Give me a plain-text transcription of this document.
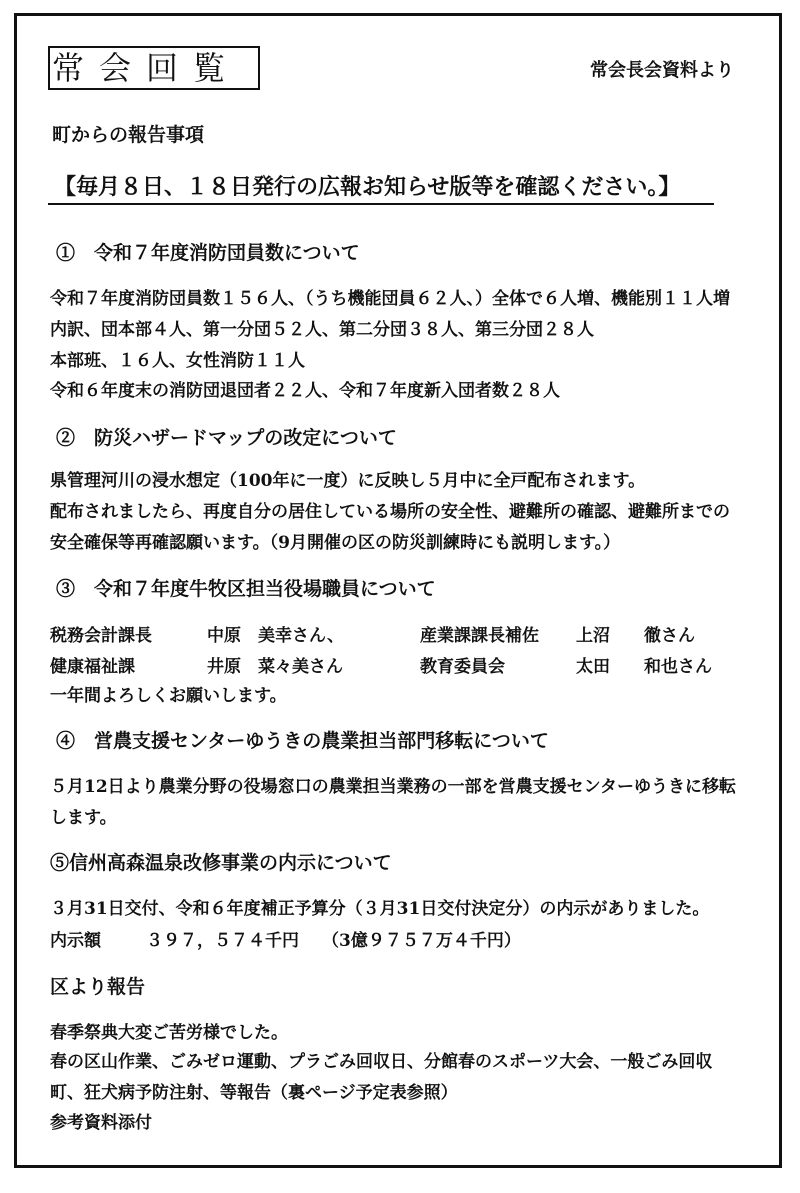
常会回覧	常会長会資料より
町からの報告事項
【毎月８日、１８日発行の広報お知らせ版等を確認ください。】
①　令和７年度消防団員数について
令和７年度消防団員数１５６人、（うち機能団員６２人、）全体で６人増、機能別１１人増
内訳、団本部４人、第一分団５２人、第二分団３８人、第三分団２８人
本部班、１６人、女性消防１１人
令和６年度末の消防団退団者２２人、令和７年度新入団者数２８人
②　防災ハザードマップの改定について
県管理河川の浸水想定（100年に一度）に反映し５月中に全戸配布されます。
配布されましたら、再度自分の居住している場所の安全性、避難所の確認、避難所までの
安全確保等再確認願います。（9月開催の区の防災訓練時にも説明します。）
③　令和７年度牛牧区担当役場職員について
税務会計課長	中原　美幸さん、	産業課課長補佐 上沼　　徹さん
健康福祉課	井原　菜々美さん	教育委員会	太田　　和也さん
一年間よろしくお願いします。
④　営農支援センターゆうきの農業担当部門移転について
５月12日より農業分野の役場窓口の農業担当業務の一部を営農支援センターゆうきに移転
します。
⑤信州高森温泉改修事業の内示について
３月31日交付、令和６年度補正予算分（３月31日交付決定分）の内示がありました。
内示額	３９７，５７４千円 （3億９７５７万４千円）
区より報告
春季祭典大変ご苦労様でした。
春の区山作業、ごみゼロ運動、プラごみ回収日、分館春のスポーツ大会、一般ごみ回収
町、狂犬病予防注射、等報告（裏ページ予定表参照）
参考資料添付
